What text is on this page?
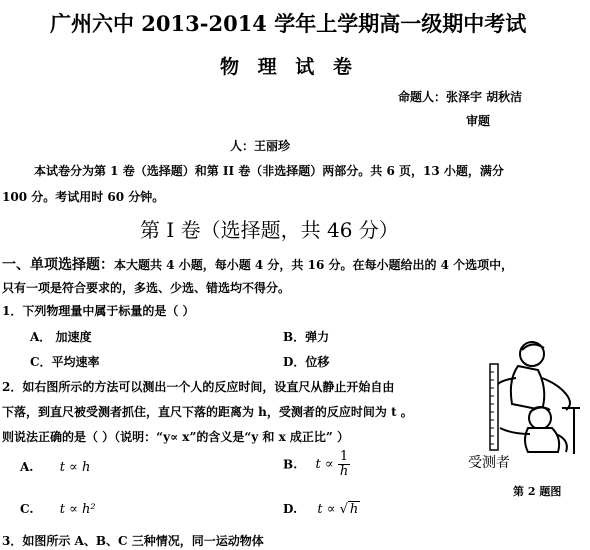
广州六中 2013-2014 学年上学期高一级期中考试
物 理 试 卷
命题人：张泽宇 胡秋洁
审题
人：王丽珍
本试卷分为第 1 卷（选择题）和第 II 卷（非选择题）两部分。共 6 页，13 小题，满分
100 分。考试用时 60 分钟。
第 I 卷（选择题，共 46 分）
一、单项选择题：本大题共 4 小题，每小题 4 分，共 16 分。在每小题给出的 4 个选项中，
只有一项是符合要求的，多选、少选、错选均不得分。
1．下列物理量中属于标量的是（ ）
A． 加速度	B．弹力
C．平均速率	D．位移
2．如右图所示的方法可以测出一个人的反应时间，设直尺从静止开始自由
下落，到直尺被受测者抓住，直尺下落的距离为 h，受测者的反应时间为 t 。
则说法正确的是（ ）（说明：“y∝ x”的含义是“y 和 x 成正比” ）
A. t ∝ h	B. $t \propto \frac{1}{h}$
C. t ∝ h²	D. t ∝ √ h
3．如图所示 A、B、C 三种情况，同一运动物体
受测者
第 2 题图
